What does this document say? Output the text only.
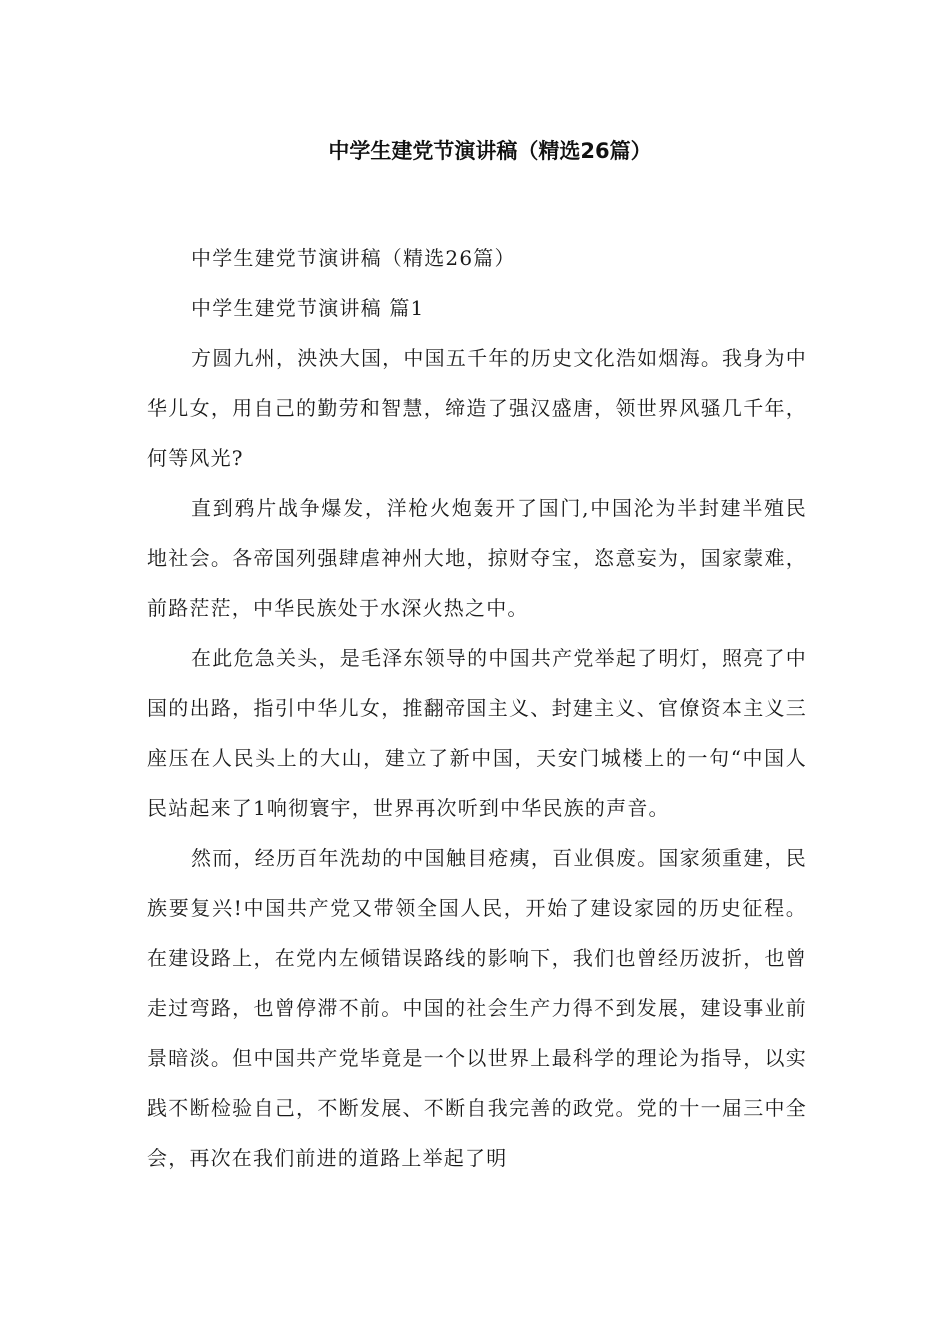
中学生建党节演讲稿（精选26篇）

中学生建党节演讲稿（精选26篇）

中学生建党节演讲稿 篇1

方圆九州，泱泱大国，中国五千年的历史文化浩如烟海。我身为中华儿女，用自己的勤劳和智慧，缔造了强汉盛唐，领世界风骚几千年，何等风光?

直到鸦片战争爆发，洋枪火炮轰开了国门,中国沦为半封建半殖民地社会。各帝国列强肆虐神州大地，掠财夺宝，恣意妄为，国家蒙难，前路茫茫，中华民族处于水深火热之中。

在此危急关头，是毛泽东领导的中国共产党举起了明灯，照亮了中国的出路，指引中华儿女，推翻帝国主义、封建主义、官僚资本主义三座压在人民头上的大山，建立了新中国，天安门城楼上的一句“中国人民站起来了1响彻寰宇，世界再次听到中华民族的声音。

然而，经历百年洗劫的中国触目疮痍，百业俱废。国家须重建，民族要复兴!中国共产党又带领全国人民，开始了建设家园的历史征程。在建设路上，在党内左倾错误路线的影响下，我们也曾经历波折，也曾走过弯路，也曾停滞不前。中国的社会生产力得不到发展，建设事业前景暗淡。但中国共产党毕竟是一个以世界上最科学的理论为指导，以实践不断检验自己，不断发展、不断自我完善的政党。党的十一届三中全会，再次在我们前进的道路上举起了明
